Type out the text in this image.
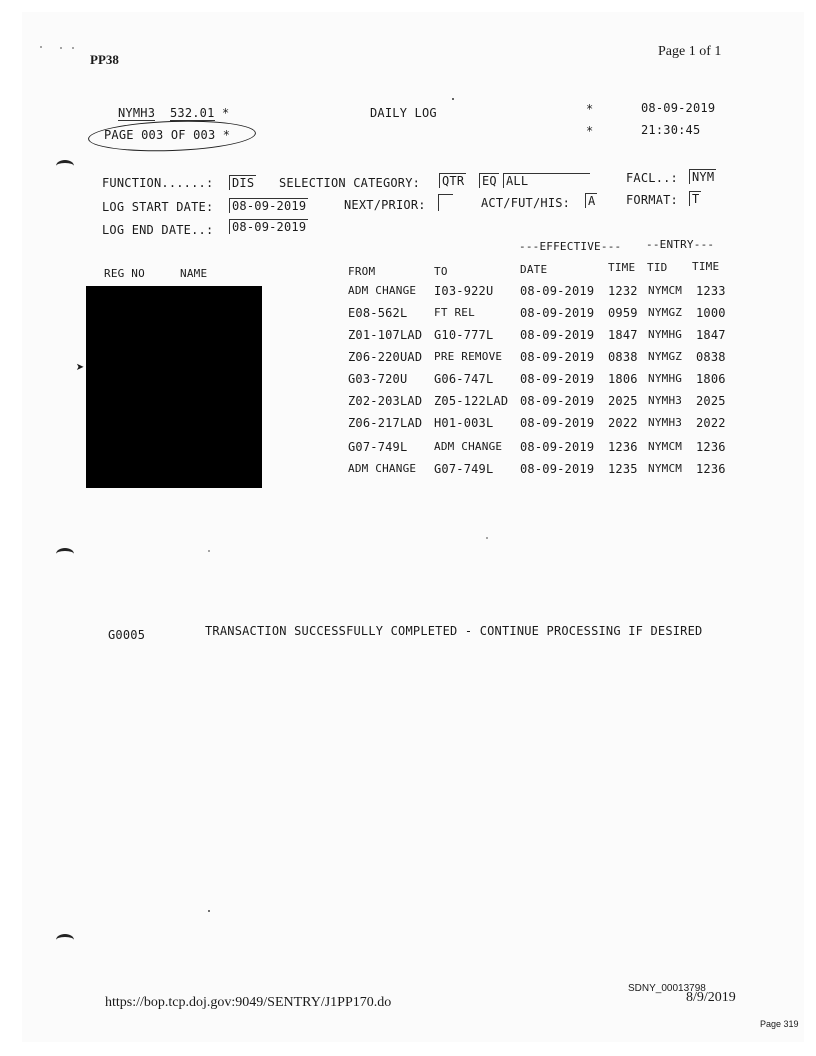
PP38
Page 1 of 1
NYMH3 532.01 *	DAILY LOG	*
*
08-09-2019
21:30:45
PAGE 003 OF 003 *
FUNCTION......: DIS SELECTION CATEGORY: QTR EQ ALL	FACL..: NYM
LOG START DATE: 08-09-2019	NEXT/PRIOR:	ACT/FUT/HIS: A	FORMAT: T
LOG END DATE..: 08-09-2019
---EFFECTIVE--- --ENTRY---
REG NO	NAME	FROM	TO	DATE	TIME TID TIME
➤
ADM CHANGE I03-922U 08-09-2019 1232 NYMCM 1233
E08-562L FT REL	08-09-2019 0959 NYMGZ 1000
Z01-107LAD G10-777L 08-09-2019 1847 NYMHG 1847
Z06-220UAD PRE REMOVE 08-09-2019 0838 NYMGZ 0838
G03-720U G06-747L 08-09-2019 1806 NYMHG 1806
Z02-203LAD Z05-122LAD 08-09-2019 2025 NYMH3 2025
Z06-217LAD H01-003L 08-09-2019 2022 NYMH3 2022
G07-749L ADM CHANGE 08-09-2019 1236 NYMCM 1236
ADM CHANGE G07-749L 08-09-2019 1235 NYMCM 1236
G0005	TRANSACTION SUCCESSFULLY COMPLETED - CONTINUE PROCESSING IF DESIRED
https://bop.tcp.doj.gov:9049/SENTRY/J1PP170.do
SDNY_00013798
8/9/2019
Page 319
